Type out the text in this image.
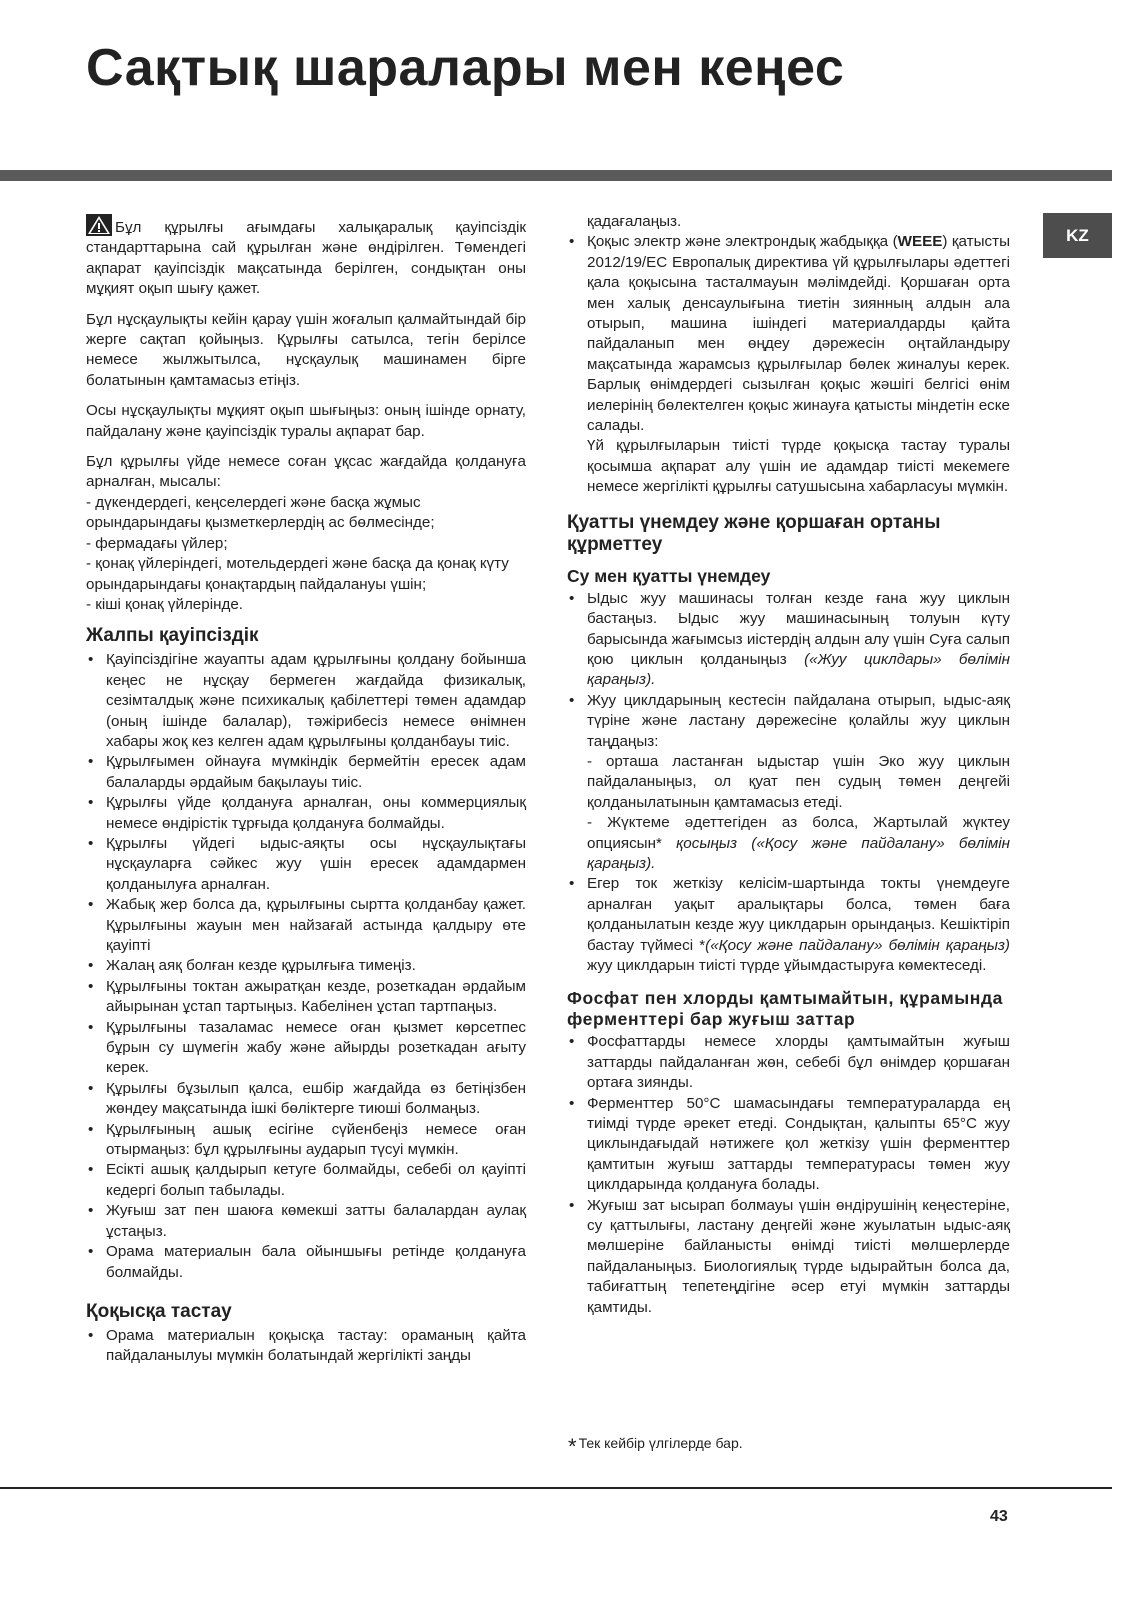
Сақтық шаралары мен кеңес
KZ

Бұл құрылғы ағымдағы халықаралық қауіпсіздік стандарттарына сай құрылған және өндірілген. Төмендегі ақпарат қауіпсіздік мақсатында берілген, сондықтан оны мұқият оқып шығу қажет.

Бұл нұсқаулықты кейін қарау үшін жоғалып қалмайтындай бір жерге сақтап қойыңыз. Құрылғы сатылса, тегін берілсе немесе жылжытылса, нұсқаулық машинамен бірге болатынын қамтамасыз етіңіз.

Осы нұсқаулықты мұқият оқып шығыңыз: оның ішінде орнату, пайдалану және қауіпсіздік туралы ақпарат бар.

Бұл құрылғы үйде немесе соған ұқсас жағдайда қолдануға арналған, мысалы:

- дүкендердегі, кеңселердегі және басқа жұмыс орындарындағы қызметкерлердің ас бөлмесінде;
- фермадағы үйлер;
- қонақ үйлеріндегі, мотельдердегі және басқа да қонақ күту орындарындағы қонақтардың пайдалануы үшін;
- кіші қонақ үйлерінде.
Жалпы қауіпсіздік
• Қауіпсіздігіне жауапты адам құрылғыны қолдану бойынша кеңес не нұсқау бермеген жағдайда физикалық, сезімталдық және психикалық қабілеттері төмен адамдар (оның ішінде балалар), тәжірибесіз немесе өнімнен хабары жоқ кез келген адам құрылғыны қолданбауы тиіс.
• Құрылғымен ойнауға мүмкіндік бермейтін ересек адам балаларды әрдайым бақылауы тиіс.
• Құрылғы үйде қолдануға арналған, оны коммерциялық немесе өндірістік тұрғыда қолдануға болмайды.
• Құрылғы үйдегі ыдыс-аяқты осы нұсқаулықтағы нұсқауларға сәйкес жуу үшін ересек адамдармен қолданылуға арналған.
• Жабық жер болса да, құрылғыны сыртта қолданбау қажет. Құрылғыны жауын мен найзағай астында қалдыру өте қауіпті
• Жалаң аяқ болған кезде құрылғыға тимеңіз.
• Құрылғыны токтан ажыратқан кезде, розеткадан әрдайым айырынан ұстап тартыңыз. Кабелінен ұстап тартпаңыз.
• Құрылғыны тазаламас немесе оған қызмет көрсетпес бұрын су шүмегін жабу және айырды розеткадан ағыту керек.
• Құрылғы бұзылып қалса, ешбір жағдайда өз бетіңізбен жөндеу мақсатында ішкі бөліктерге тиюші болмаңыз.
• Құрылғының ашық есігіне сүйенбеңіз немесе оған отырмаңыз: бұл құрылғыны аударып түсуі мүмкін.
• Есікті ашық қалдырып кетуге болмайды, себебі ол қауіпті кедергі болып табылады.
• Жуғыш зат пен шаюға көмекші затты балалардан аулақ ұстаңыз.
• Орама материалын бала ойыншығы ретінде қолдануға болмайды.
Қоқысқа тастау
• Орама материалын қоқысқа тастау: ораманың қайта пайдаланылуы мүмкін болатындай жергілікті заңды
қадағалаңыз.
• Қоқыс электр және электрондық жабдыққа (WEEE) қатысты 2012/19/EC Европалық директива үй құрылғылары әдеттегі қала қоқысына тасталмауын мәлімдейді. Қоршаған орта мен халық денсаулығына тиетін зиянның алдын ала отырып, машина ішіндегі материалдарды қайта пайдаланып мен өңдеу дәрежесін оңтайландыру мақсатында жарамсыз құрылғылар бөлек жиналуы керек. Барлық өнімдердегі сызылған қоқыс жәшігі белгісі өнім иелерінің бөлектелген қоқыс жинауға қатысты міндетін еске салады.
Үй құрылғыларын тиісті түрде қоқысқа тастау туралы қосымша ақпарат алу үшін ие адамдар тиісті мекемеге немесе жергілікті құрылғы сатушысына хабарласуы мүмкін.
Қуатты үнемдеу және қоршаған ортаны құрметтеу
Су мен қуатты үнемдеу
• Ыдыс жуу машинасы толған кезде ғана жуу циклын бастаңыз. Ыдыс жуу машинасының толуын күту барысында жағымсыз иістердің алдын алу үшін Суға салып қою циклын қолданыңыз («Жуу циклдары» бөлімін қараңыз).
• Жуу циклдарының кестесін пайдалана отырып, ыдыс-аяқ түріне және ластану дәрежесіне қолайлы жуу циклын таңдаңыз:
- орташа ластанған ыдыстар үшін Эко жуу циклын пайдаланыңыз, ол қуат пен судың төмен деңгейі қолданылатынын қамтамасыз етеді.
- Жүктеме әдеттегіден аз болса, Жартылай жүктеу опциясын* қосыңыз («Қосу және пайдалану» бөлімін қараңыз).
• Егер ток жеткізу келісім-шартында токты үнемдеуге арналған уақыт аралықтары болса, төмен баға қолданылатын кезде жуу циклдарын орындаңыз. Кешіктіріп бастау түймесі *(«Қосу және пайдалану» бөлімін қараңыз) жуу циклдарын тиісті түрде ұйымдастыруға көмектеседі.
Фосфат пен хлорды қамтымайтын, құрамында ферменттері бар жуғыш заттар
• Фосфаттарды немесе хлорды қамтымайтын жуғыш заттарды пайдаланған жөн, себебі бұл өнімдер қоршаған ортаға зиянды.
• Ферменттер 50°C шамасындағы температураларда ең тиімді түрде әрекет етеді. Сондықтан, қалыпты 65°C жуу циклындағыдай нәтижеге қол жеткізу үшін ферменттер қамтитын жуғыш заттарды температурасы төмен жуу циклдарында қолдануға болады.
• Жуғыш зат ысырап болмауы үшін өндірушінің кеңестеріне, су қаттылығы, ластану деңгейі және жуылатын ыдыс-аяқ мөлшеріне байланысты өнімді тиісті мөлшерлерде пайдаланыңыз. Биологиялық түрде ыдырайтын болса да, табиғаттың тепетеңдігіне әсер етуі мүмкін заттарды қамтиды.
* Тек кейбір үлгілерде бар.
43
